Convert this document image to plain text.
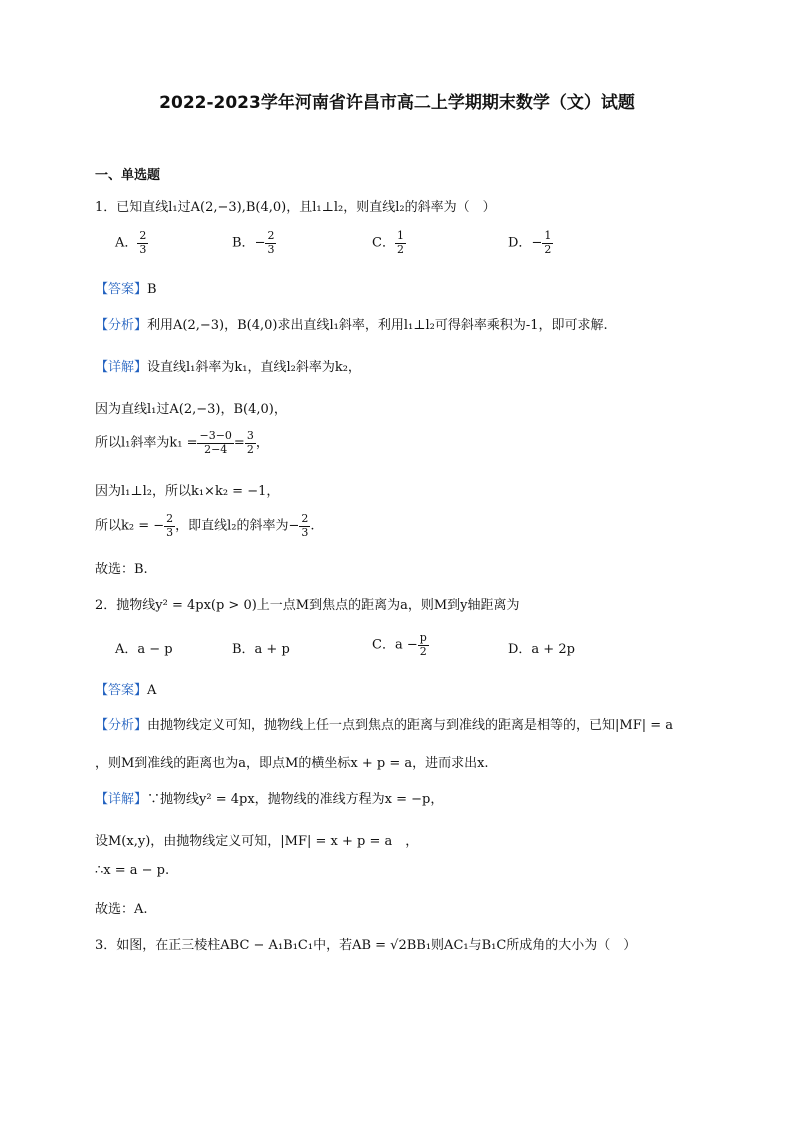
2022-2023学年河南省许昌市高二上学期期末数学（文）试题
一、单选题
1．已知直线l₁过A(2,−3),B(4,0)，且l₁⊥l₂，则直线l₂的斜率为（　）
A． $\frac{2}{3}$	B．− $\frac{2}{3}$	C． $\frac{1}{2}$	D．− $\frac{1}{2}$
【答案】B
【分析】利用A(2,−3)，B(4,0)求出直线l₁斜率，利用l₁⊥l₂可得斜率乘积为-1，即可求解.
【详解】设直线l₁斜率为k₁，直线l₂斜率为k₂，
因为直线l₁过A(2,−3)，B(4,0)，
所以l₁斜率为$k_1 = \frac{-3-0}{2-4} = \frac{3}{2}$ ，
因为l₁⊥l₂，所以k₁×k₂ = −1，
所以k₂ = − $\frac{2}{3}$ ，即直线l₂的斜率为− $\frac{2}{3}$ .
故选：B.
2．抛物线y² = 4px(p > 0)上一点M到焦点的距离为a，则M到y轴距离为
A．a − p	B．a + p	C．$a - \frac{p}{2}$	D．a + 2p
【答案】A
【分析】由抛物线定义可知，抛物线上任一点到焦点的距离与到准线的距离是相等的，已知|MF| = a
，则M到准线的距离也为a，即点M的横坐标x + p = a，进而求出x.
【详解】∵抛物线y² = 4px，抛物线的准线方程为x = −p，
设M(x,y)，由抛物线定义可知，|MF| = x + p = a　，
∴x = a − p.
故选：A.
3．如图，在正三棱柱ABC − A₁B₁C₁中，若AB = √2BB₁则AC₁与B₁C所成角的大小为（　）
